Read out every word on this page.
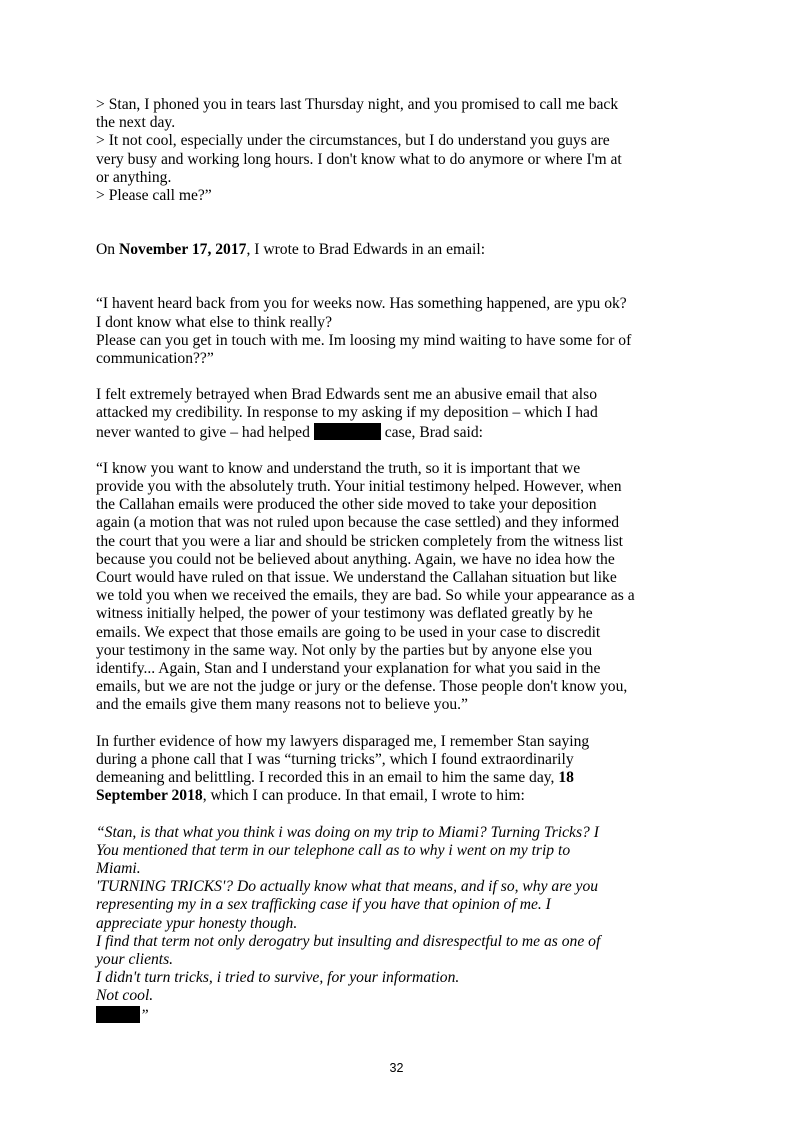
> Stan, I phoned you in tears last Thursday night, and you promised to call me back
the next day.
> It not cool, especially under the circumstances, but I do understand you guys are
very busy and working long hours. I don't know what to do anymore or where I'm at
or anything.
> Please call me?”
On November 17, 2017, I wrote to Brad Edwards in an email:
“I havent heard back from you for weeks now. Has something happened, are ypu ok?
I dont know what else to think really?
Please can you get in touch with me. Im loosing my mind waiting to have some for of
communication??”
I felt extremely betrayed when Brad Edwards sent me an abusive email that also
attacked my credibility. In response to my asking if my deposition – which I had
never wanted to give – had helped	case, Brad said:
“I know you want to know and understand the truth, so it is important that we
provide you with the absolutely truth. Your initial testimony helped. However, when
the Callahan emails were produced the other side moved to take your deposition
again (a motion that was not ruled upon because the case settled) and they informed
the court that you were a liar and should be stricken completely from the witness list
because you could not be believed about anything. Again, we have no idea how the
Court would have ruled on that issue. We understand the Callahan situation but like
we told you when we received the emails, they are bad. So while your appearance as a
witness initially helped, the power of your testimony was deflated greatly by he
emails. We expect that those emails are going to be used in your case to discredit
your testimony in the same way. Not only by the parties but by anyone else you
identify... Again, Stan and I understand your explanation for what you said in the
emails, but we are not the judge or jury or the defense. Those people don't know you,
and the emails give them many reasons not to believe you.”
In further evidence of how my lawyers disparaged me, I remember Stan saying
during a phone call that I was “turning tricks”, which I found extraordinarily
demeaning and belittling. I recorded this in an email to him the same day, 18
September 2018, which I can produce. In that email, I wrote to him:
“Stan, is that what you think i was doing on my trip to Miami? Turning Tricks? I
You mentioned that term in our telephone call as to why i went on my trip to
Miami.
'TURNING TRICKS'? Do actually know what that means, and if so, why are you
representing my in a sex trafficking case if you have that opinion of me. I
appreciate ypur honesty though.
I find that term not only derogatry but insulting and disrespectful to me as one of
your clients.
I didn't turn tricks, i tried to survive, for your information.
Not cool.
”
32
